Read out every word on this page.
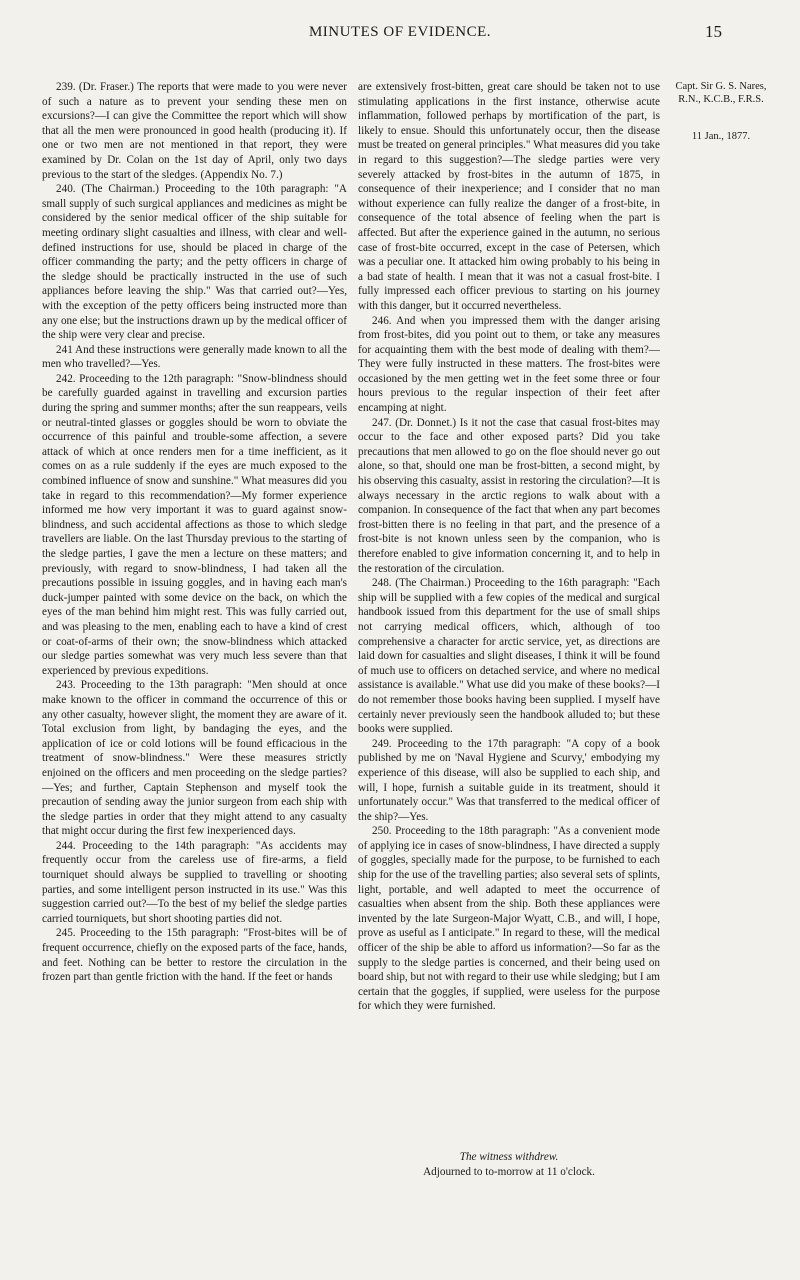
MINUTES OF EVIDENCE.	15

239. (Dr. Fraser.) The reports that were made to you were never of such a nature as to prevent your sending these men on excursions?—I can give the Committee the report which will show that all the men were pronounced in good health (producing it). If one or two men are not mentioned in that report, they were examined by Dr. Colan on the 1st day of April, only two days previous to the start of the sledges. (Appendix No. 7.)

240. (The Chairman.) Proceeding to the 10th paragraph: "A small supply of such surgical appliances and medicines as might be considered by the senior medical officer of the ship suitable for meeting ordinary slight casualties and illness, with clear and well-defined instructions for use, should be placed in charge of the officer commanding the party; and the petty officers in charge of the sledge should be practically instructed in the use of such appliances before leaving the ship." Was that carried out?—Yes, with the exception of the petty officers being instructed more than any one else; but the instructions drawn up by the medical officer of the ship were very clear and precise.

241 And these instructions were generally made known to all the men who travelled?—Yes.

242. Proceeding to the 12th paragraph: "Snow-blindness should be carefully guarded against in travelling and excursion parties during the spring and summer months; after the sun reappears, veils or neutral-tinted glasses or goggles should be worn to obviate the occurrence of this painful and trouble-some affection, a severe attack of which at once renders men for a time inefficient, as it comes on as a rule suddenly if the eyes are much exposed to the combined influence of snow and sunshine." What measures did you take in regard to this recommendation?—My former experience informed me how very important it was to guard against snow-blindness, and such accidental affections as those to which sledge travellers are liable. On the last Thursday previous to the starting of the sledge parties, I gave the men a lecture on these matters; and previously, with regard to snow-blindness, I had taken all the precautions possible in issuing goggles, and in having each man's duck-jumper painted with some device on the back, on which the eyes of the man behind him might rest. This was fully carried out, and was pleasing to the men, enabling each to have a kind of crest or coat-of-arms of their own; the snow-blindness which attacked our sledge parties somewhat was very much less severe than that experienced by previous expeditions.

243. Proceeding to the 13th paragraph: "Men should at once make known to the officer in command the occurrence of this or any other casualty, however slight, the moment they are aware of it. Total exclusion from light, by bandaging the eyes, and the application of ice or cold lotions will be found efficacious in the treatment of snow-blindness." Were these measures strictly enjoined on the officers and men proceeding on the sledge parties?—Yes; and further, Captain Stephenson and myself took the precaution of sending away the junior surgeon from each ship with the sledge parties in order that they might attend to any casualty that might occur during the first few inexperienced days.

244. Proceeding to the 14th paragraph: "As accidents may frequently occur from the careless use of fire-arms, a field tourniquet should always be supplied to travelling or shooting parties, and some intelligent person instructed in its use." Was this suggestion carried out?—To the best of my belief the sledge parties carried tourniquets, but short shooting parties did not.

245. Proceeding to the 15th paragraph: "Frost-bites will be of frequent occurrence, chiefly on the exposed parts of the face, hands, and feet. Nothing can be better to restore the circulation in the frozen part than gentle friction with the hand. If the feet or hands

are extensively frost-bitten, great care should be taken not to use stimulating applications in the first instance, otherwise acute inflammation, followed perhaps by mortification of the part, is likely to ensue. Should this unfortunately occur, then the disease must be treated on general principles." What measures did you take in regard to this suggestion?—The sledge parties were very severely attacked by frost-bites in the autumn of 1875, in consequence of their inexperience; and I consider that no man without experience can fully realize the danger of a frost-bite, in consequence of the total absence of feeling when the part is affected. But after the experience gained in the autumn, no serious case of frost-bite occurred, except in the case of Petersen, which was a peculiar one. It attacked him owing probably to his being in a bad state of health. I mean that it was not a casual frost-bite. I fully impressed each officer previous to starting on his journey with this danger, but it occurred nevertheless.

246. And when you impressed them with the danger arising from frost-bites, did you point out to them, or take any measures for acquainting them with the best mode of dealing with them?—They were fully instructed in these matters. The frost-bites were occasioned by the men getting wet in the feet some three or four hours previous to the regular inspection of their feet after encamping at night.

247. (Dr. Donnet.) Is it not the case that casual frost-bites may occur to the face and other exposed parts? Did you take precautions that men allowed to go on the floe should never go out alone, so that, should one man be frost-bitten, a second might, by his observing this casualty, assist in restoring the circulation?—It is always necessary in the arctic regions to walk about with a companion. In consequence of the fact that when any part becomes frost-bitten there is no feeling in that part, and the presence of a frost-bite is not known unless seen by the companion, who is therefore enabled to give information concerning it, and to help in the restoration of the circulation.

248. (The Chairman.) Proceeding to the 16th paragraph: "Each ship will be supplied with a few copies of the medical and surgical handbook issued from this department for the use of small ships not carrying medical officers, which, although of too comprehensive a character for arctic service, yet, as directions are laid down for casualties and slight diseases, I think it will be found of much use to officers on detached service, and where no medical assistance is available." What use did you make of these books?—I do not remember those books having been supplied. I myself have certainly never previously seen the handbook alluded to; but these books were supplied.

249. Proceeding to the 17th paragraph: "A copy of a book published by me on 'Naval Hygiene and Scurvy,' embodying my experience of this disease, will also be supplied to each ship, and will, I hope, furnish a suitable guide in its treatment, should it unfortunately occur." Was that transferred to the medical officer of the ship?—Yes.

250. Proceeding to the 18th paragraph: "As a convenient mode of applying ice in cases of snow-blindness, I have directed a supply of goggles, specially made for the purpose, to be furnished to each ship for the use of the travelling parties; also several sets of splints, light, portable, and well adapted to meet the occurrence of casualties when absent from the ship. Both these appliances were invented by the late Surgeon-Major Wyatt, C.B., and will, I hope, prove as useful as I anticipate." In regard to these, will the medical officer of the ship be able to afford us information?—So far as the supply to the sledge parties is concerned, and their being used on board ship, but not with regard to their use while sledging; but I am certain that the goggles, if supplied, were useless for the purpose for which they were furnished.

Capt. Sir G. S. Nares, R.N., K.C.B., F.R.S.
11 Jan., 1877.
The witness withdrew.
Adjourned to to-morrow at 11 o'clock.
